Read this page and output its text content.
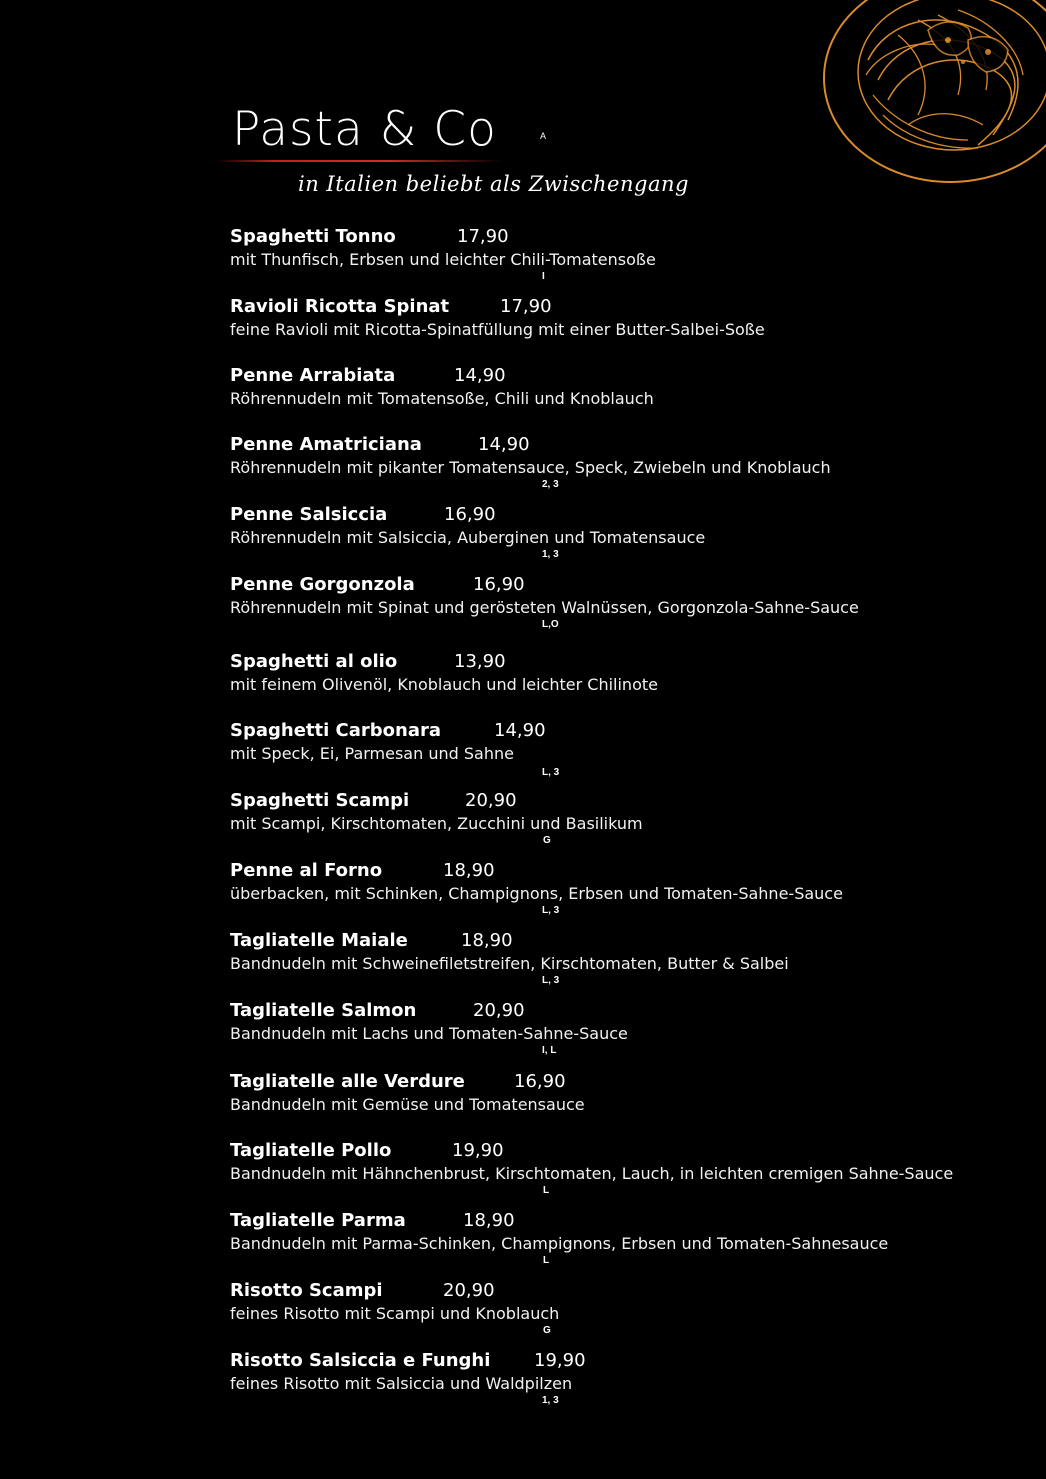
Pasta & Co	A
in Italien beliebt als Zwischengang
Spaghetti Tonno	17,90
mit Thunfisch, Erbsen und leichter Chili-Tomatensoße
I
Ravioli Ricotta Spinat	17,90
feine Ravioli mit Ricotta-Spinatfüllung mit einer Butter-Salbei-Soße
Penne Arrabiata	14,90
Röhrennudeln mit Tomatensoße, Chili und Knoblauch
Penne Amatriciana	14,90
Röhrennudeln mit pikanter Tomatensauce, Speck, Zwiebeln und Knoblauch
2, 3
Penne Salsiccia	16,90
Röhrennudeln mit Salsiccia, Auberginen und Tomatensauce
1, 3
Penne Gorgonzola	16,90
Röhrennudeln mit Spinat und gerösteten Walnüssen, Gorgonzola-Sahne-Sauce
L,O
Spaghetti al olio	13,90
mit feinem Olivenöl, Knoblauch und leichter Chilinote
Spaghetti Carbonara	14,90
mit Speck, Ei, Parmesan und Sahne
L, 3
Spaghetti Scampi	20,90
mit Scampi, Kirschtomaten, Zucchini und Basilikum
G
Penne al Forno	18,90
überbacken, mit Schinken, Champignons, Erbsen und Tomaten-Sahne-Sauce
L, 3
Tagliatelle Maiale	18,90
Bandnudeln mit Schweinefiletstreifen, Kirschtomaten, Butter & Salbei
L, 3
Tagliatelle Salmon	20,90
Bandnudeln mit Lachs und Tomaten-Sahne-Sauce
I, L
Tagliatelle alle Verdure	16,90
Bandnudeln mit Gemüse und Tomatensauce
Tagliatelle Pollo	19,90
Bandnudeln mit Hähnchenbrust, Kirschtomaten, Lauch, in leichten cremigen Sahne-Sauce
L
Tagliatelle Parma	18,90
Bandnudeln mit Parma-Schinken, Champignons, Erbsen und Tomaten-Sahnesauce
L
Risotto Scampi	20,90
feines Risotto mit Scampi und Knoblauch
G
Risotto Salsiccia e Funghi 19,90
feines Risotto mit Salsiccia und Waldpilzen
1, 3
